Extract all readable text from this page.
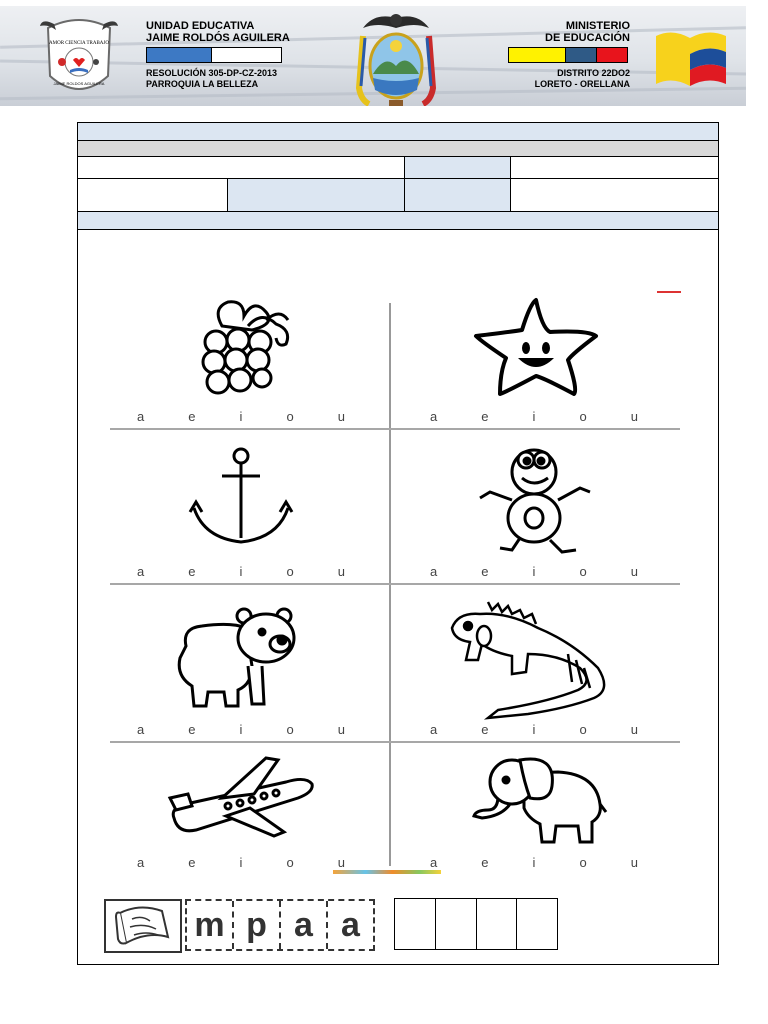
AMOR CIENCIA TRABAJO
JAIME ROLDOS AGUILERA
UNIDAD EDUCATIVA
JAIME ROLDÓS AGUILERA
RESOLUCIÓN 305-DP-CZ-2013
PARROQUIA LA BELLEZA
MINISTERIO
DE EDUCACIÓN
DISTRITO 22DO2
LORETO - ORELLANA
a	e	i	o	u	a	e	i	o	u
a	e	i	o	u	a	e	i	o	u
a	e	i	o	u	a	e	i	o	u
a	e	i	o	u	a	e	i	o	u
m p a a
